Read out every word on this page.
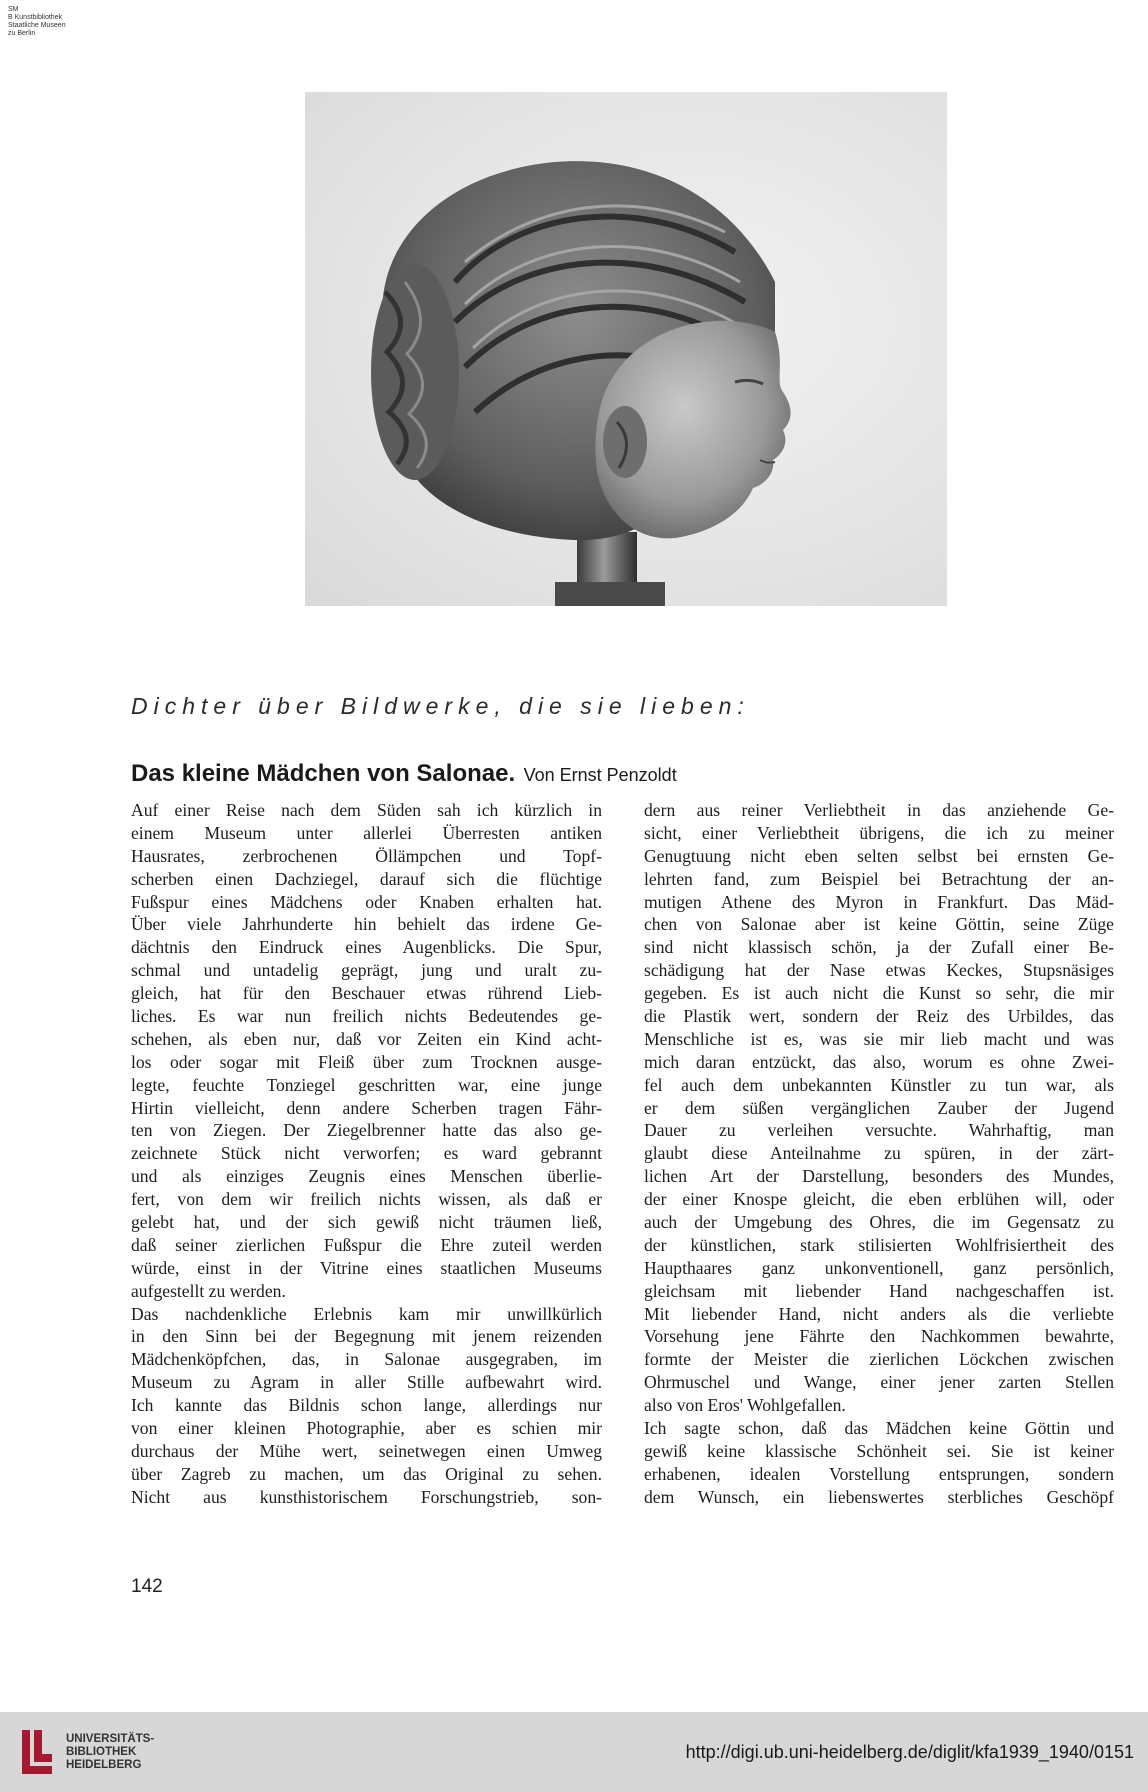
SM
B Kunstbibliothek
Staatliche Museen
zu Berlin
Dichter über Bildwerke, die sie lieben:
Das kleine Mädchen von Salonae. Von Ernst Penzoldt
Auf einer Reise nach dem Süden sah ich kürzlich in
einem Museum unter allerlei Überresten antiken
Hausrates, zerbrochenen Öllämpchen und Topf-
scherben einen Dachziegel, darauf sich die flüchtige
Fußspur eines Mädchens oder Knaben erhalten hat.
Über viele Jahrhunderte hin behielt das irdene Ge-
dächtnis den Eindruck eines Augenblicks. Die Spur,
schmal und untadelig geprägt, jung und uralt zu-
gleich, hat für den Beschauer etwas rührend Lieb-
liches. Es war nun freilich nichts Bedeutendes ge-
schehen, als eben nur, daß vor Zeiten ein Kind acht-
los oder sogar mit Fleiß über zum Trocknen ausge-
legte, feuchte Tonziegel geschritten war, eine junge
Hirtin vielleicht, denn andere Scherben tragen Fähr-
ten von Ziegen. Der Ziegelbrenner hatte das also ge-
zeichnete Stück nicht verworfen; es ward gebrannt
und als einziges Zeugnis eines Menschen überlie-
fert, von dem wir freilich nichts wissen, als daß er
gelebt hat, und der sich gewiß nicht träumen ließ,
daß seiner zierlichen Fußspur die Ehre zuteil werden
würde, einst in der Vitrine eines staatlichen Museums
aufgestellt zu werden.
Das nachdenkliche Erlebnis kam mir unwillkürlich
in den Sinn bei der Begegnung mit jenem reizenden
Mädchenköpfchen, das, in Salonae ausgegraben, im
Museum zu Agram in aller Stille aufbewahrt wird.
Ich kannte das Bildnis schon lange, allerdings nur
von einer kleinen Photographie, aber es schien mir
durchaus der Mühe wert, seinetwegen einen Umweg
über Zagreb zu machen, um das Original zu sehen.
Nicht aus kunsthistorischem Forschungstrieb, son-
dern aus reiner Verliebtheit in das anziehende Ge-
sicht, einer Verliebtheit übrigens, die ich zu meiner
Genugtuung nicht eben selten selbst bei ernsten Ge-
lehrten fand, zum Beispiel bei Betrachtung der an-
mutigen Athene des Myron in Frankfurt. Das Mäd-
chen von Salonae aber ist keine Göttin, seine Züge
sind nicht klassisch schön, ja der Zufall einer Be-
schädigung hat der Nase etwas Keckes, Stupsnäsiges
gegeben. Es ist auch nicht die Kunst so sehr, die mir
die Plastik wert, sondern der Reiz des Urbildes, das
Menschliche ist es, was sie mir lieb macht und was
mich daran entzückt, das also, worum es ohne Zwei-
fel auch dem unbekannten Künstler zu tun war, als
er dem süßen vergänglichen Zauber der Jugend
Dauer zu verleihen versuchte. Wahrhaftig, man
glaubt diese Anteilnahme zu spüren, in der zärt-
lichen Art der Darstellung, besonders des Mundes,
der einer Knospe gleicht, die eben erblühen will, oder
auch der Umgebung des Ohres, die im Gegensatz zu
der künstlichen, stark stilisierten Wohlfrisiertheit des
Haupthaares ganz unkonventionell, ganz persönlich,
gleichsam mit liebender Hand nachgeschaffen ist.
Mit liebender Hand, nicht anders als die verliebte
Vorsehung jene Fährte den Nachkommen bewahrte,
formte der Meister die zierlichen Löckchen zwischen
Ohrmuschel und Wange, einer jener zarten Stellen
also von Eros' Wohlgefallen.
Ich sagte schon, daß das Mädchen keine Göttin und
gewiß keine klassische Schönheit sei. Sie ist keiner
erhabenen, idealen Vorstellung entsprungen, sondern
dem Wunsch, ein liebenswertes sterbliches Geschöpf
142
UNIVERSITÄTS-
BIBLIOTHEK
HEIDELBERG
http://digi.ub.uni-heidelberg.de/diglit/kfa1939_1940/0151
